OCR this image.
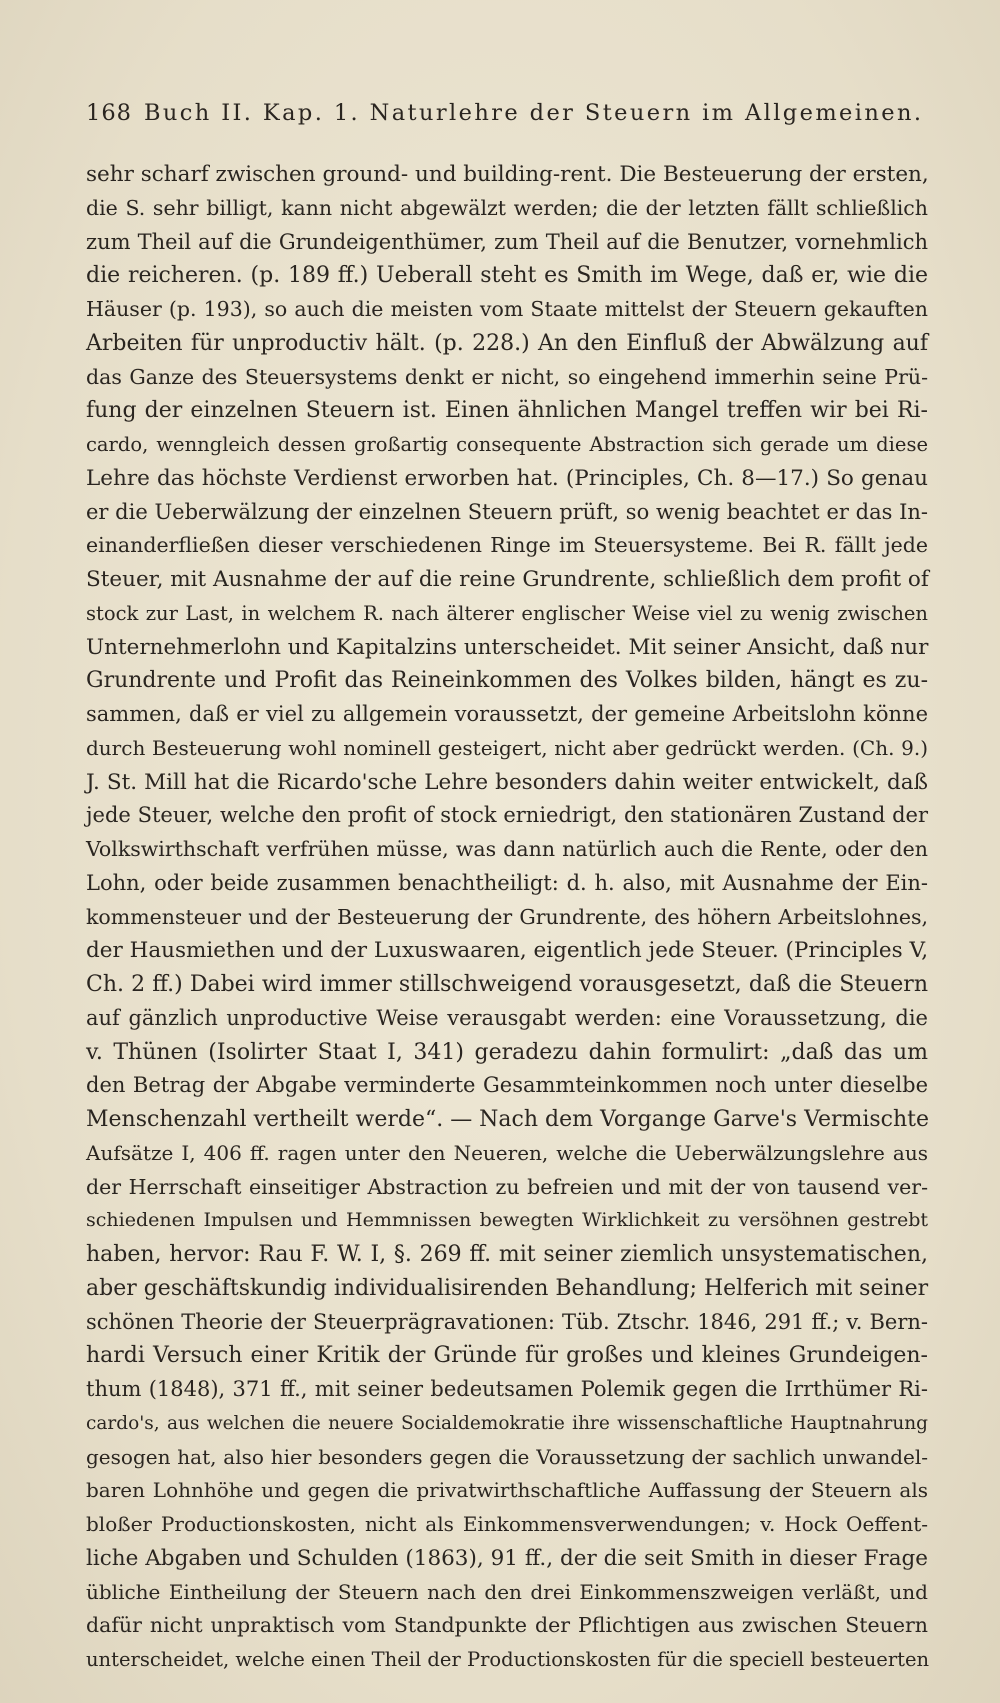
168 Buch II. Kap. 1. Naturlehre der Steuern im Allgemeinen.
sehr scharf zwischen ground- und building-rent. Die Besteuerung der ersten,
die S. sehr billigt, kann nicht abgewälzt werden; die der letzten fällt schließlich
zum Theil auf die Grundeigenthümer, zum Theil auf die Benutzer, vornehmlich
die reicheren. (p. 189 ff.) Ueberall steht es Smith im Wege, daß er, wie die
Häuser (p. 193), so auch die meisten vom Staate mittelst der Steuern gekauften
Arbeiten für unproductiv hält. (p. 228.) An den Einfluß der Abwälzung auf
das Ganze des Steuersystems denkt er nicht, so eingehend immerhin seine Prü-
fung der einzelnen Steuern ist. Einen ähnlichen Mangel treffen wir bei Ri-
cardo, wenngleich dessen großartig consequente Abstraction sich gerade um diese
Lehre das höchste Verdienst erworben hat. (Principles, Ch. 8—17.) So genau
er die Ueberwälzung der einzelnen Steuern prüft, so wenig beachtet er das In-
einanderfließen dieser verschiedenen Ringe im Steuersysteme. Bei R. fällt jede
Steuer, mit Ausnahme der auf die reine Grundrente, schließlich dem profit of
stock zur Last, in welchem R. nach älterer englischer Weise viel zu wenig zwischen
Unternehmerlohn und Kapitalzins unterscheidet. Mit seiner Ansicht, daß nur
Grundrente und Profit das Reineinkommen des Volkes bilden, hängt es zu-
sammen, daß er viel zu allgemein voraussetzt, der gemeine Arbeitslohn könne
durch Besteuerung wohl nominell gesteigert, nicht aber gedrückt werden. (Ch. 9.)
J. St. Mill hat die Ricardo'sche Lehre besonders dahin weiter entwickelt, daß
jede Steuer, welche den profit of stock erniedrigt, den stationären Zustand der
Volkswirthschaft verfrühen müsse, was dann natürlich auch die Rente, oder den
Lohn, oder beide zusammen benachtheiligt: d. h. also, mit Ausnahme der Ein-
kommensteuer und der Besteuerung der Grundrente, des höhern Arbeitslohnes,
der Hausmiethen und der Luxuswaaren, eigentlich jede Steuer. (Principles V,
Ch. 2 ff.) Dabei wird immer stillschweigend vorausgesetzt, daß die Steuern
auf gänzlich unproductive Weise verausgabt werden: eine Voraussetzung, die
v. Thünen (Isolirter Staat I, 341) geradezu dahin formulirt: „daß das um
den Betrag der Abgabe verminderte Gesammteinkommen noch unter dieselbe
Menschenzahl vertheilt werde“. — Nach dem Vorgange Garve's Vermischte
Aufsätze I, 406 ff. ragen unter den Neueren, welche die Ueberwälzungslehre aus
der Herrschaft einseitiger Abstraction zu befreien und mit der von tausend ver-
schiedenen Impulsen und Hemmnissen bewegten Wirklichkeit zu versöhnen gestrebt
haben, hervor: Rau F. W. I, §. 269 ff. mit seiner ziemlich unsystematischen,
aber geschäftskundig individualisirenden Behandlung; Helferich mit seiner
schönen Theorie der Steuerprägravationen: Tüb. Ztschr. 1846, 291 ff.; v. Bern-
hardi Versuch einer Kritik der Gründe für großes und kleines Grundeigen-
thum (1848), 371 ff., mit seiner bedeutsamen Polemik gegen die Irrthümer Ri-
cardo's, aus welchen die neuere Socialdemokratie ihre wissenschaftliche Hauptnahrung
gesogen hat, also hier besonders gegen die Voraussetzung der sachlich unwandel-
baren Lohnhöhe und gegen die privatwirthschaftliche Auffassung der Steuern als
bloßer Productionskosten, nicht als Einkommensverwendungen; v. Hock Oeffent-
liche Abgaben und Schulden (1863), 91 ff., der die seit Smith in dieser Frage
übliche Eintheilung der Steuern nach den drei Einkommenszweigen verläßt, und
dafür nicht unpraktisch vom Standpunkte der Pflichtigen aus zwischen Steuern
unterscheidet, welche einen Theil der Productionskosten für die speciell besteuerten
